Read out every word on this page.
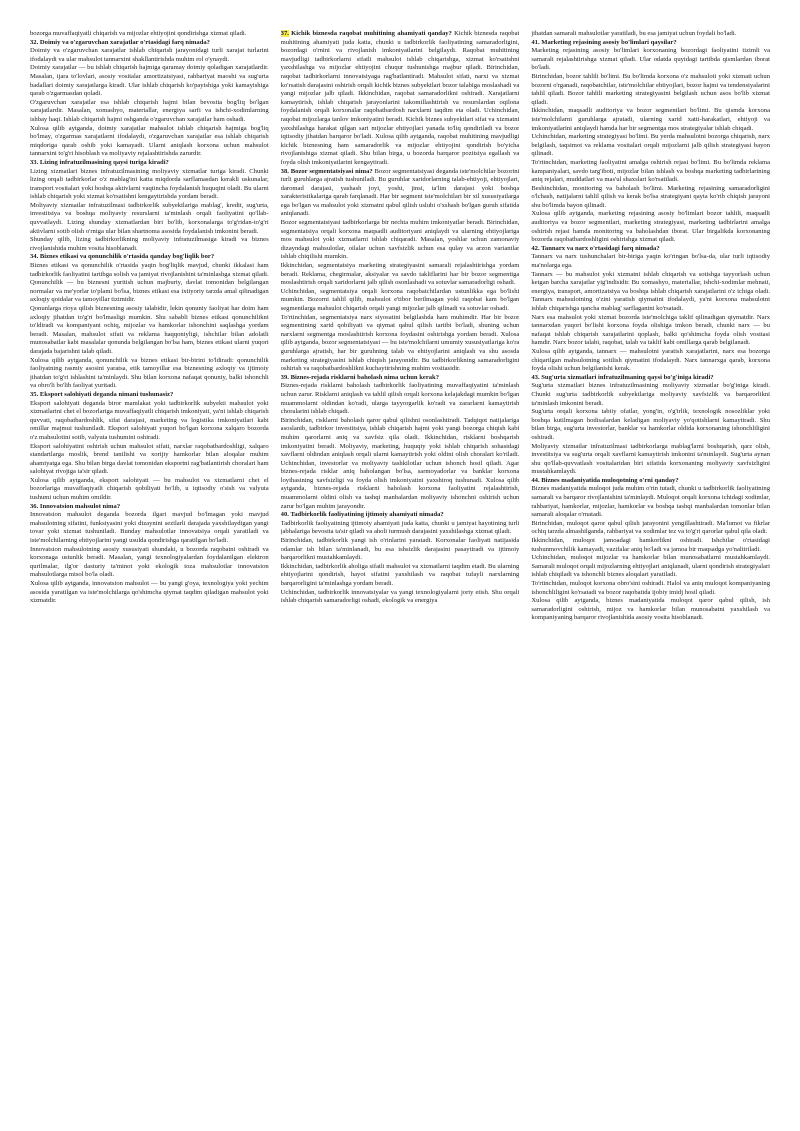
bozorga muvaffaqiyatli chiqarish va mijozlar ehtiyojini qondirishga xizmat qiladi.

32. Doimiy va o'zgaruvchan xarajatlar o'rtasidagi farq nimada?

Doimiy va o'zgaruvchan xarajatlar ishlab chiqarish jarayonidagi turli xarajat turlarini ifodalaydi va ular mahsulot tannarxini shakllantirishda muhim rol o'ynaydi.

Doimiy xarajatlar — bu ishlab chiqarish hajmiga qaramay doimiy qoladigan xarajatlardir. Masalan, ijara to'lovlari, asosiy vositalar amortizatsiyasi, rahbariyat maoshi va sug'urta badallari doimiy xarajatlarga kiradi. Ular ishlab chiqarish ko'payishiga yoki kamayishiga qarab o'zgarmasdan qoladi.

O'zgaruvchan xarajatlar esa ishlab chiqarish hajmi bilan bevosita bog'liq bo'lgan xarajatlardir. Masalan, xomashyo, materiallar, energiya sarfi va ishchi-xodimlarning ishbay haqi. Ishlab chiqarish hajmi oshganda o'zgaruvchan xarajatlar ham oshadi.

Xulosa qilib aytganda, doimiy xarajatlar mahsulot ishlab chiqarish hajmiga bog'liq bo'lmay, o'zgarmas xarajatlarni ifodalaydi, o'zgaruvchan xarajatlar esa ishlab chiqarish miqdoriga qarab oshib yoki kamayadi. Ularni aniqlash korxona uchun mahsulot tannarxini to'g'ri hisoblash va moliyaviy rejalashtirishda zarurdir.

33. Lizing infratuzilmasining qaysi turiga kiradi?

Lizing xizmatlari biznes infratuzilmasining moliyaviy xizmatlar turiga kiradi. Chunki lizing orqali tadbirkorlar o'z mablag'ini katta miqdorda sarflamasdan kerakli uskunalar, transport vositalari yoki boshqa aktivlarni vaqtincha foydalanish huquqini oladi. Bu ularni ishlab chiqarish yoki xizmat ko'rsatishni kengaytirishda yordam beradi.

Moliyaviy xizmatlar infratuzilmasi tadbirkorlik subyektlariga mablag', kredit, sug'urta, investitsiya va boshqa moliyaviy resurslarni ta'minlash orqali faoliyatini qo'llab-quvvatlaydi. Lizing shunday xizmatlardan biri bo'lib, korxonalarga to'g'ridan-to'g'ri aktivlarni sotib olish o'rniga ular bilan shartnoma asosida foydalanish imkonini beradi.

Shunday qilib, lizing tadbirkorlikning moliyaviy infratuzilmasiga kiradi va biznes rivojlanishida muhim vosita hisoblanadi.

34. Biznes etikasi va qonunchilik o'rtasida qanday bog'liqlik bor?

Biznes etikasi va qonunchilik o'rtasida yaqin bog'liqlik mavjud, chunki ikkalasi ham tadbirkorlik faoliyatini tartibga solish va jamiyat rivojlanishini ta'minlashga xizmat qiladi. Qonunchilik — bu biznesni yuritish uchun majburiy, davlat tomonidan belgilangan normalar va me'yorlar to'plami bo'lsa, biznes etikasi esa ixtiyoriy tarzda amal qilinadigan axloqiy qoidalar va tamoyillar tizimidir.

Qonunlarga rioya qilish biznesning asosiy talabidir, lekin qonuniy faoliyat har doim ham axloqiy jihatdan to'g'ri bo'lmasligi mumkin. Shu sababli biznes etikasi qonunchilikni to'ldiradi va kompaniyani ochiq, mijozlar va hamkorlar ishonchini saqlashga yordam beradi. Masalan, mahsulot sifati va reklama haqqoniyligi, ishchilar bilan adolatli munosabatlar kabi masalalar qonunda belgilangan bo'lsa ham, biznes etikasi ularni yuqori darajada bajarishni talab qiladi.

Xulosa qilib aytganda, qonunchilik va biznes etikasi bir-birini to'ldiradi: qonunchilik faoliyatning rasmiy asosini yaratsa, etik tamoyillar esa biznesning axloqiy va ijtimoiy jihatdan to'g'ri ishlashini ta'minlaydi. Shu bilan korxona nafaqat qonuniy, balki ishonchli va obro'li bo'lib faoliyat yuritadi.

35. Eksport salohiyati deganda nimani tushunasiz?

Eksport salohiyati deganda biror mamlakat yoki tadbirkorlik subyekti mahsulot yoki xizmatlarini chet el bozorlariga muvaffaqiyatli chiqarish imkoniyati, ya'ni ishlab chiqarish quvvati, raqobatbardoshlik, sifat darajasi, marketing va logistika imkoniyatlari kabi omillar majmui tushuniladi. Eksport salohiyati yuqori bo'lgan korxona xalqaro bozorda o'z mahsulotini sotib, valyuta tushumini oshiradi.

Eksport salohiyatini oshirish uchun mahsulot sifati, narxlar raqobatbardoshligi, xalqaro standartlarga moslik, brend tanilishi va xorijiy hamkorlar bilan aloqalar muhim ahamiyatga ega. Shu bilan birga davlat tomonidan eksportni rag'batlantirish choralari ham salohiyat rivojiga ta'sir qiladi.

Xulosa qilib aytganda, eksport salohiyati — bu mahsulot va xizmatlarni chet el bozorlariga muvaffaqiyatli chiqarish qobiliyati bo'lib, u iqtisodiy o'sish va valyuta tushumi uchun muhim omildir.

36. Innovatsion mahsulot nima?

Innovatsion mahsulot deganda bozorda ilgari mavjud bo'lmagan yoki mavjud mahsulotning sifatini, funksiyasini yoki dizaynini sezilarli darajada yaxshilaydigan yangi tovar yoki xizmat tushuniladi. Bunday mahsulotlar innovatsiya orqali yaratiladi va iste'molchilarning ehtiyojlarini yangi usulda qondirishga qaratilgan bo'ladi.

Innovatsion mahsulotning asosiy xususiyati shundaki, u bozorda raqobatni oshiradi va korxonaga ustunlik beradi. Masalan, yangi texnologiyalardan foydalanilgan elektron qurilmalar, ilg'or dasturiy ta'minot yoki ekologik toza mahsulotlar innovatsion mahsulotlarga misol bo'la oladi.

Xulosa qilib aytganda, innovatsion mahsulot — bu yangi g'oya, texnologiya yoki yechim asosida yaratilgan va iste'molchilarga qo'shimcha qiymat taqdim qiladigan mahsulot yoki xizmatdir.

37. Kichik biznesda raqobat muhitining ahamiyati qanday? Kichik biznesda raqobat muhitining ahamiyati juda katta, chunki u tadbirkorlik faoliyatining samaradorligini, bozordagi o'rnini va rivojlanish imkoniyatlarini belgilaydi. Raqobat muhitining mavjudligi tadbirkorlarni sifatli mahsulot ishlab chiqarishga, xizmat ko'rsatishni yaxshilashga va mijozlar ehtiyojini chuqur tushunishga majbur qiladi. Birinchidan, raqobat tadbirkorlarni innovatsiyaga rag'batlantiradi. Mahsulot sifati, narxi va xizmat ko'rsatish darajasini oshirish orqali kichik biznes subyektlari bozor talabiga moslashadi va yangi mijozlar jalb qiladi. Ikkinchidan, raqobat samaradorlikni oshiradi. Xarajatlarni kamaytirish, ishlab chiqarish jarayonlarini takomillashtirish va resurslardan oqilona foydalanish orqali korxonalar raqobatbardosh narxlarni taqdim eta oladi. Uchinchidan, raqobat mijozlarga tanlov imkoniyatini beradi. Kichik biznes subyektlari sifat va xizmatni yaxshilashga harakat qilgan sari mijozlar ehtiyojlari yanada to'liq qondiriladi va bozor iqtisodiy jihatdan barqaror bo'ladi. Xulosa qilib aytganda, raqobat muhitining mavjudligi kichik biznesning ham samaradorlik va mijozlar ehtiyojini qondirish bo'yicha rivojlanishiga xizmat qiladi. Shu bilan birga, u bozorda barqaror pozitsiya egallash va foyda olish imkoniyatlarini kengaytiradi.

38. Bozor segmentatsiyasi nima? Bozor segmentatsiyasi deganda iste'molchilar bozorini turli guruhlarga ajratish tushuniladi. Bu guruhlar xaridorlarning talab-ehtiyoji, ehtiyojlari, daromad darajasi, yashash joyi, yoshi, jinsi, ta'lim darajasi yoki boshqa xarakteristikalariga qarab farqlanadi. Har bir segment iste'molchilari bir xil xususiyatlarga ega bo'lgan va mahsulot yoki xizmatni qabul qilish uslubi o'xshash bo'lgan guruh sifatida aniqlanadi.

Bozor segmentatsiyasi tadbirkorlarga bir nechta muhim imkoniyatlar beradi. Birinchidan, segmentatsiya orqali korxona maqsadli auditoriyani aniqlaydi va ularning ehtiyojlariga mos mahsulot yoki xizmatlarni ishlab chiqaradi. Masalan, yoshlar uchun zamonaviy dizayndagi mahsulotlar, oilalar uchun xavfsizlik uchun esa qulay va arzon variantlar ishlab chiqilishi mumkin.

Ikkinchidan, segmentatsiya marketing strategiyasini samarali rejalashtirishga yordam beradi. Reklama, chegirmalar, aksiyalar va savdo takliflarini har bir bozor segmentiga moslashtirish orqali xaridorlarni jalb qilish osonlashadi va sotuvlar samaradorligi oshadi.

Uchinchidan, segmentatsiya orqali korxona raqobatchilardan ustunlikka ega bo'lishi mumkin. Bozorni tahlil qilib, mahsulot e'tibor berilmagan yoki raqobat kam bo'lgan segmentlarga mahsulot chiqarish orqali yangi mijozlar jalb qilinadi va sotuvlar oshadi.

To'rtinchidan, segmentatsiya narx siyosatini belgilashda ham muhimdir. Har bir bozor segmentining xarid qobiliyati va qiymat qabul qilish tartibi bo'ladi, shuning uchun narxlarni segmentga moslashtirish korxona foydasini oshirishga yordam beradi. Xulosa qilib aytganda, bozor segmentatsiyasi — bu iste'molchilarni umumiy xususiyatlariga ko'ra guruhlarga ajratish, har bir guruhning talab va ehtiyojlarini aniqlash va shu asosda marketing strategiyasini ishlab chiqish jarayonidir. Bu tadbirkorlikning samaradorligini oshirish va raqobatbardoshlikni kuchaytirishning muhim vositasidir.

39. Biznes-rejada risklarni baholash nima uchun kerak?

Biznes-rejada risklarni baholash tadbirkorlik faoliyatining muvaffaqiyatini ta'minlash uchun zarur. Risklarni aniqlash va tahlil qilish orqali korxona kelajakdagi mumkin bo'lgan muammolarni oldindan ko'radi, ularga tayyorgarlik ko'radi va zararlarni kamaytirish choralarini ishlab chiqadi.

Birinchidan, risklarni baholash qaror qabul qilishni osonlashtiradi. Tadqiqot natijalariga asoslanib, tadbirkor investitsiya, ishlab chiqarish hajmi yoki yangi bozorga chiqish kabi muhim qarorlarni aniq va xavfsiz qila oladi. Ikkinchidan, risklarni boshqarish imkoniyatini beradi. Moliyaviy, marketing, huquqiy yoki ishlab chiqarish sohasidagi xavflarni oldindan aniqlash orqali ularni kamaytirish yoki oldini olish choralari ko'riladi. Uchinchidan, investorlar va moliyaviy tashkilotlar uchun ishonch hosil qiladi. Agar biznes-rejada risklar aniq baholangan bo'lsa, sarmoyadorlar va banklar korxona loyihasining xavfsizligi va foyda olish imkoniyatini yaxshiroq tushunadi. Xulosa qilib aytganda, biznes-rejada risklarni baholash korxona faoliyatini rejalashtirish, muammolarni oldini olish va tashqi manbalardan moliyaviy ishonchni oshirish uchun zarur bo'lgan muhim jarayondir.

40. Tadbirkorlik faoliyatining ijtimoiy ahamiyati nimada?

Tadbirkorlik faoliyatining ijtimoiy ahamiyati juda katta, chunki u jamiyat hayotining turli jabhalariga bevosita ta'sir qiladi va aholi turmush darajasini yaxshilashga xizmat qiladi.

Birinchidan, tadbirkorlik yangi ish o'rinlarini yaratadi. Korxonalar faoliyati natijasida odamlar ish bilan ta'minlanadi, bu esa ishsizlik darajasini pasaytiradi va ijtimoiy barqarorlikni mustahkamlaydi.

Ikkinchidan, tadbirkorlik aholiga sifatli mahsulot va xizmatlarni taqdim etadi. Bu ularning ehtiyojlarini qondirish, hayot sifatini yaxshilash va raqobat tufayli narxlarning barqarorligini ta'minlashga yordam beradi.

Uchinchidan, tadbirkorlik innovatsiyalar va yangi texnologiyalarni joriy etish. Shu orqali ishlab chiqarish samaradorligi oshadi, ekologik va energiya

jihatdan samarali mahsulotlar yaratiladi, bu esa jamiyat uchun foydali bo'ladi.

41. Marketing rejasining asosiy bo'limlari qaysilar?

Marketing rejasining asosiy bo'limlari korxonaning bozordagi faoliyatini tizimli va samarali rejalashtirishga xizmat qiladi. Ular odatda quyidagi tartibda qismlardan iborat bo'ladi.

Birinchidan, bozor tahlili bo'limi. Bu bo'limda korxona o'z mahsuloti yoki xizmati uchun bozorni o'rganadi, raqobatchilar, iste'molchilar ehtiyojlari, bozor hajmi va tendensiyalarini tahlil qiladi. Bozor tahlili marketing strategiyasini belgilash uchun asos bo'lib xizmat qiladi.

Ikkinchidan, maqsadli auditoriya va bozor segmentlari bo'limi. Bu qismda korxona iste'molchilarni guruhlarga ajratadi, ularning xarid xatti-harakatlari, ehtiyoji va imkoniyatlarini aniqlaydi hamda har bir segmentga mos strategiyalar ishlab chiqadi.

Uchinchidan, marketing strategiyasi bo'limi. Bu yerda mahsulotni bozorga chiqarish, narx belgilash, taqsimot va reklama vositalari orqali mijozlarni jalb qilish strategiyasi bayon qilinadi.

To'rtinchidan, marketing faoliyatini amalga oshirish rejasi bo'limi. Bu bo'limda reklama kampaniyalari, savdo targ'iboti, mijozlar bilan ishlash va boshqa marketing tadbirlarining aniq rejalari, muddatlari va mas'ul shaxslari ko'rsatiladi.

Beshinchidan, monitoring va baholash bo'limi. Marketing rejasining samaradorligini o'lchash, natijalarni tahlil qilish va kerak bo'lsa strategiyani qayta ko'rib chiqish jarayoni shu bo'limda bayon qilinadi.

Xulosa qilib aytganda, marketing rejasining asosiy bo'limlari bozor tahlili, maqsadli auditoriya va bozor segmentlari, marketing strategiyasi, marketing tadbirlarini amalga oshirish rejasi hamda monitoring va baholashdan iborat. Ular birgalikda korxonaning bozorda raqobatbardoshligini oshirishga xizmat qiladi.

42. Tannarx va narx o'rtasidagi farq nimada?

Tannarx va narx tushunchalari bir-biriga yaqin ko'ringan bo'lsa-da, ular turli iqtisodiy ma'nolarga ega.

Tannarx — bu mahsulot yoki xizmatni ishlab chiqarish va sotishga tayyorlash uchun ketgan barcha xarajatlar yig'indisidir. Bu xomashyo, materiallar, ishchi-xodimlar mehnati, energiya, transport, amortizatsiya va boshqa ishlab chiqarish xarajatlarini o'z ichiga oladi. Tannarx mahsulotning o'zini yaratish qiymatini ifodalaydi, ya'ni korxona mahsulotni ishlab chiqarishga qancha mablag' sarflaganini ko'rsatadi.

Narx esa mahsulot yoki xizmat bozorda iste'molchiga taklif qilinadigan qiymatdir. Narx tannarxdan yuqori bo'lishi korxona foyda olishiga imkon beradi, chunki narx — bu nafaqat ishlab chiqarish xarajatlarini qoplash, balki qo'shimcha foyda olish vositasi hamdir. Narx bozor talabi, raqobat, talab va taklif kabi omillarga qarab belgilanadi.

Xulosa qilib aytganda, tannarx — mahsulotni yaratish xarajatlarini, narx esa bozorga chiqarilgan mahsulotning sotilish qiymatini ifodalaydi. Narx tannarxga qarab, korxona foyda olishi uchun belgilanishi kerak.

43. Sug'urta xizmatlari infratuzilmaning qaysi bo'g'iniga kiradi?

Sug'urta xizmatlari biznes infratuzilmasining moliyaviy xizmatlar bo'g'iniga kiradi. Chunki sug'urta tadbirkorlik subyektlariga moliyaviy xavfsizlik va barqarorlikni ta'minlash imkonini beradi.

Sug'urta orqali korxona tabiiy ofatlar, yong'in, o'g'irlik, texnologik nosozliklar yoki boshqa kutilmagan hodisalardan keladigan moliyaviy yo'qotishlarni kamaytiradi. Shu bilan birga, sug'urta investorlar, banklar va hamkorlar oldida korxonaning ishonchliligini oshiradi.

Moliyaviy xizmatlar infratuzilmasi tadbirkorlarga mablag'larni boshqarish, qarz olish, investitsiya va sug'urta orqali xavflarni kamaytirish imkonini ta'minlaydi. Sug'urta aynan shu qo'llab-quvvatlash vositalaridan biri sifatida korxonaning moliyaviy xavfsizligini mustahkamlaydi.

44. Biznes madaniyatida muloqotning o'rni qanday?

Biznes madaniyatida muloqot juda muhim o'rin tutadi, chunki u tadbirkorlik faoliyatining samarali va barqaror rivojlanishini ta'minlaydi. Muloqot orqali korxona ichidagi xodimlar, rahbariyat, hamkorlar, mijozlar, hamkorlar va boshqa tashqi manbalardan tomonlar bilan samarali aloqalar o'rnatadi.

Birinchidan, muloqot qaror qabul qilish jarayonini yengillashtiradi. Ma'lumot va fikrlar ochiq tarzda almashilganda, rahbariyat va xodimlar tez va to'g'ri qarorlar qabul qila oladi.

Ikkinchidan, muloqot jamoadagi hamkorlikni oshiradi. Ishchilar o'rtasidagi tushunmovchilik kamayadi, vazifalar aniq bo'ladi va jamoa bir maqsadga yo'naltiriladi.

Uchinchidan, muloqot mijozlar va hamkorlar bilan munosabatlarni mustahkamlaydi. Samarali muloqot orqali mijozlarning ehtiyojlari aniqlanadi, ularni qondirish strategiyalari ishlab chiqiladi va ishonchli biznes aloqalari yaratiladi.

To'rtinchidan, muloqot korxona obro'sini oshiradi. Halol va aniq muloqot kompaniyaning ishonchliligini ko'rsatadi va bozor raqobatida ijobiy imidj hosil qiladi.

Xulosa qilib aytganda, biznes madaniyatida muloqot qaror qabul qilish, ish samaradorligini oshirish, mijoz va hamkorlar bilan munosabatni yaxshilash va kompaniyaning barqaror rivojlanishida asosiy vosita hisoblanadi.
